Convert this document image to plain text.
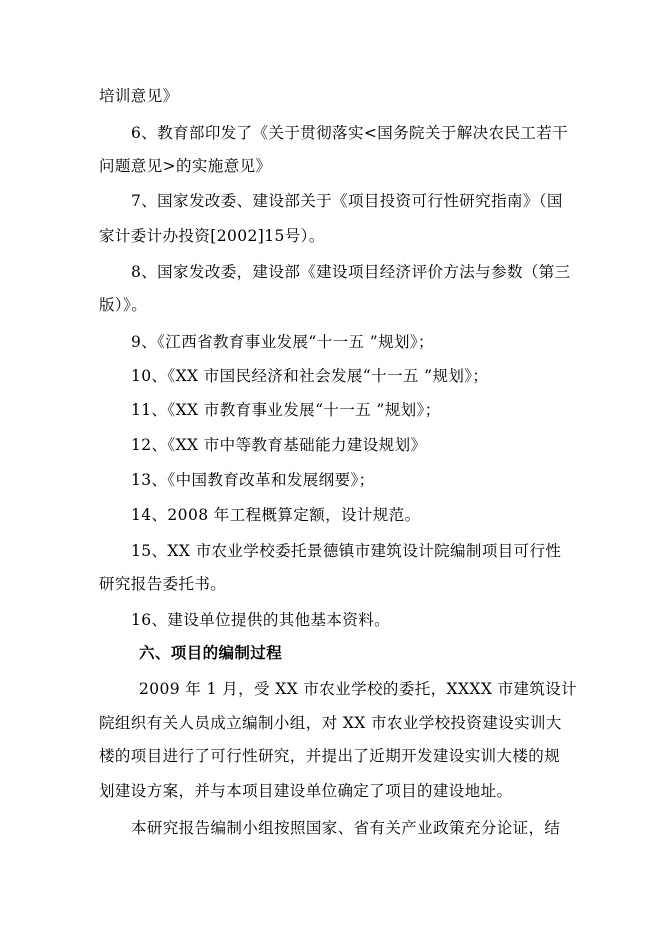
培训意见》
6、教育部印发了《关于贯彻落实<国务院关于解决农民工若干
问题意见>的实施意见》
7、国家发改委、建设部关于《项目投资可行性研究指南》（国
家计委计办投资[2002]15号）。
8、国家发改委，建设部《建设项目经济评价方法与参数（第三
版）》。
9、《江西省教育事业发展“十一五 ”规划》；
10、《XX 市国民经济和社会发展“十一五 ”规划》；
11、《XX 市教育事业发展“十一五 ”规划》；
12、《XX 市中等教育基础能力建设规划》
13、《中国教育改革和发展纲要》；
14、2008 年工程概算定额，设计规范。
15、XX 市农业学校委托景德镇市建筑设计院编制项目可行性
研究报告委托书。
16、建设单位提供的其他基本资料。
六、项目的编制过程
2009 年 1 月，受 XX 市农业学校的委托，XXXX 市建筑设计
院组织有关人员成立编制小组，对 XX 市农业学校投资建设实训大
楼的项目进行了可行性研究，并提出了近期开发建设实训大楼的规
划建设方案，并与本项目建设单位确定了项目的建设地址。
本研究报告编制小组按照国家、省有关产业政策充分论证，结
